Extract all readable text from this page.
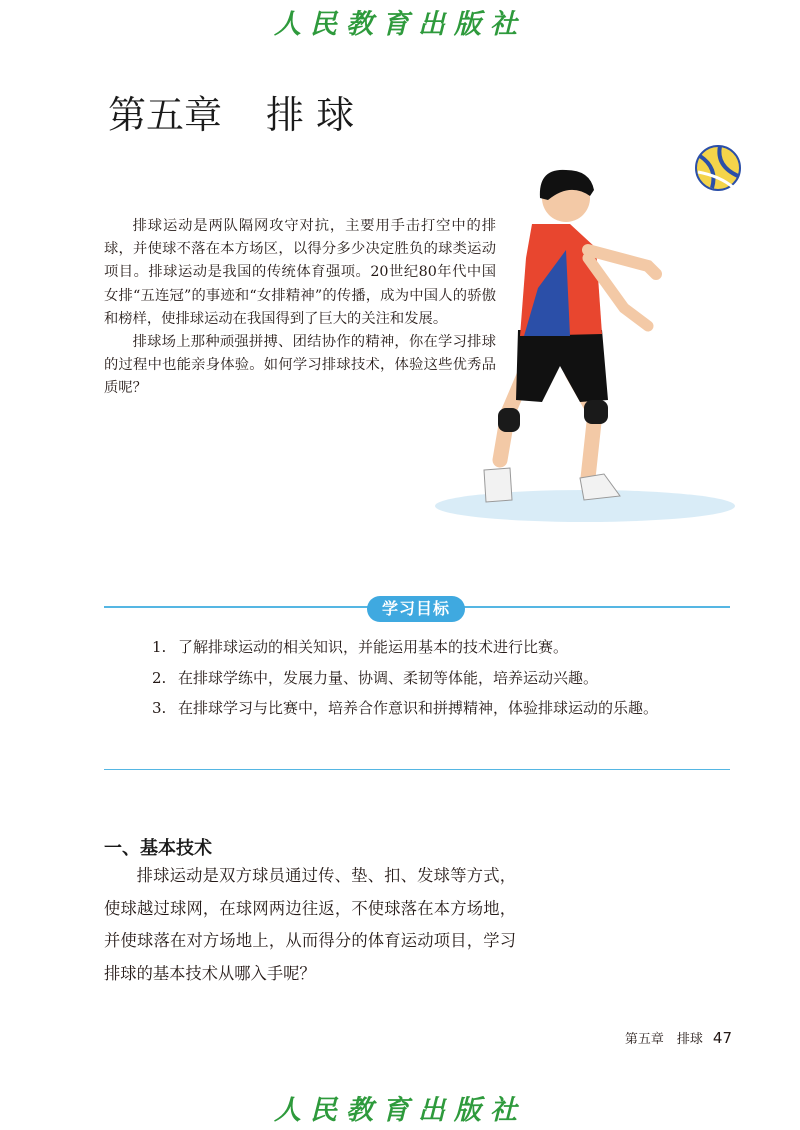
人民教育出版社
第五章 排 球

排球运动是两队隔网攻守对抗，主要用手击打空中的排球，并使球不落在本方场区，以得分多少决定胜负的球类运动项目。排球运动是我国的传统体育强项。20世纪80年代中国女排“五连冠”的事迹和“女排精神”的传播，成为中国人的骄傲和榜样，使排球运动在我国得到了巨大的关注和发展。

排球场上那种顽强拼搏、团结协作的精神，你在学习排球的过程中也能亲身体验。如何学习排球技术，体验这些优秀品质呢？

学习目标
1. 了解排球运动的相关知识，并能运用基本的技术进行比赛。
2. 在排球学练中，发展力量、协调、柔韧等体能，培养运动兴趣。
3. 在排球学习与比赛中，培养合作意识和拼搏精神，体验排球运动的乐趣。
一、基本技术

排球运动是双方球员通过传、垫、扣、发球等方式，使球越过球网，在球网两边往返，不使球落在本方场地，并使球落在对方场地上，从而得分的体育运动项目，学习排球的基本技术从哪入手呢？

第五章　排球 47
人民教育出版社
